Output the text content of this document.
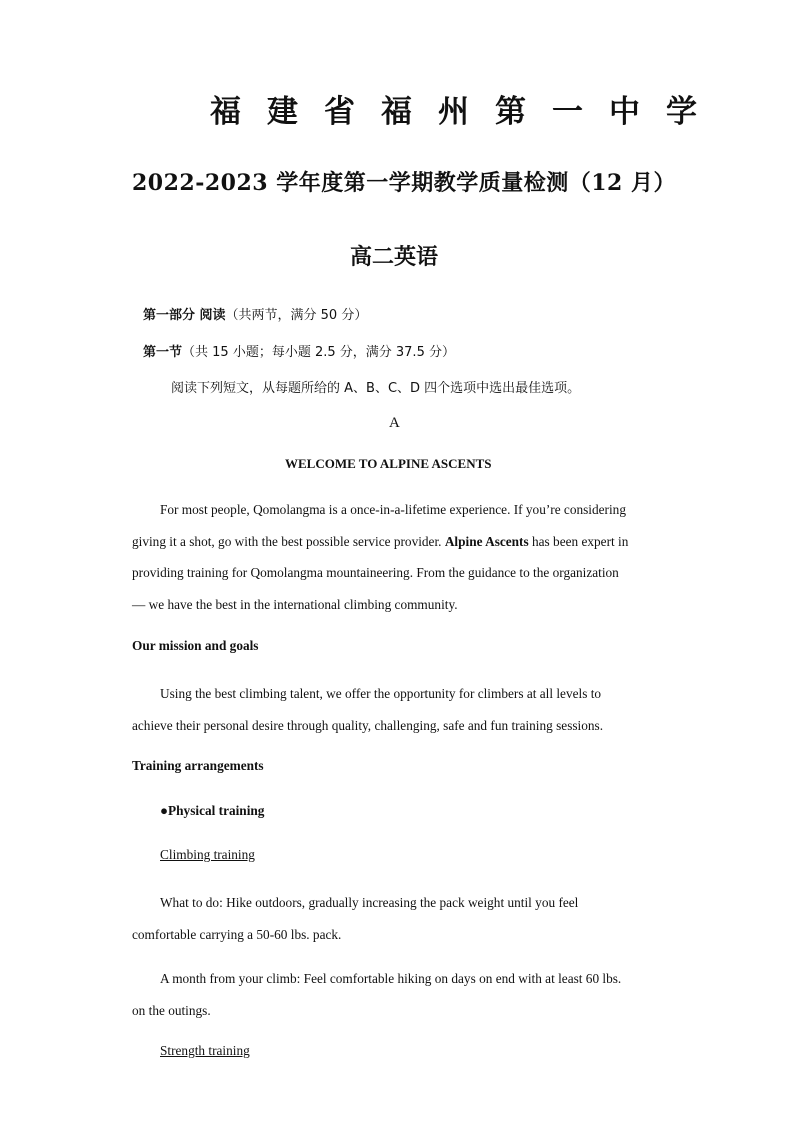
福建省福州第一中学
2022-2023 学年度第一学期教学质量检测（12 月）
高二英语
第一部分 阅读（共两节，满分 50 分）
第一节（共 15 小题；每小题 2.5 分，满分 37.5 分）
阅读下列短文，从每题所给的 A、B、C、D 四个选项中选出最佳选项。
A
WELCOME TO ALPINE ASCENTS
For most people, Qomolangma is a once-in-a-lifetime experience. If you’re considering
giving it a shot, go with the best possible service provider. Alpine Ascents has been expert in
providing training for Qomolangma mountaineering. From the guidance to the organization
— we have the best in the international climbing community.
Our mission and goals
Using the best climbing talent, we offer the opportunity for climbers at all levels to
achieve their personal desire through quality, challenging, safe and fun training sessions.
Training arrangements
●Physical training
Climbing training
What to do: Hike outdoors, gradually increasing the pack weight until you feel
comfortable carrying a 50-60 lbs. pack.
A month from your climb: Feel comfortable hiking on days on end with at least 60 lbs.
on the outings.
Strength training
